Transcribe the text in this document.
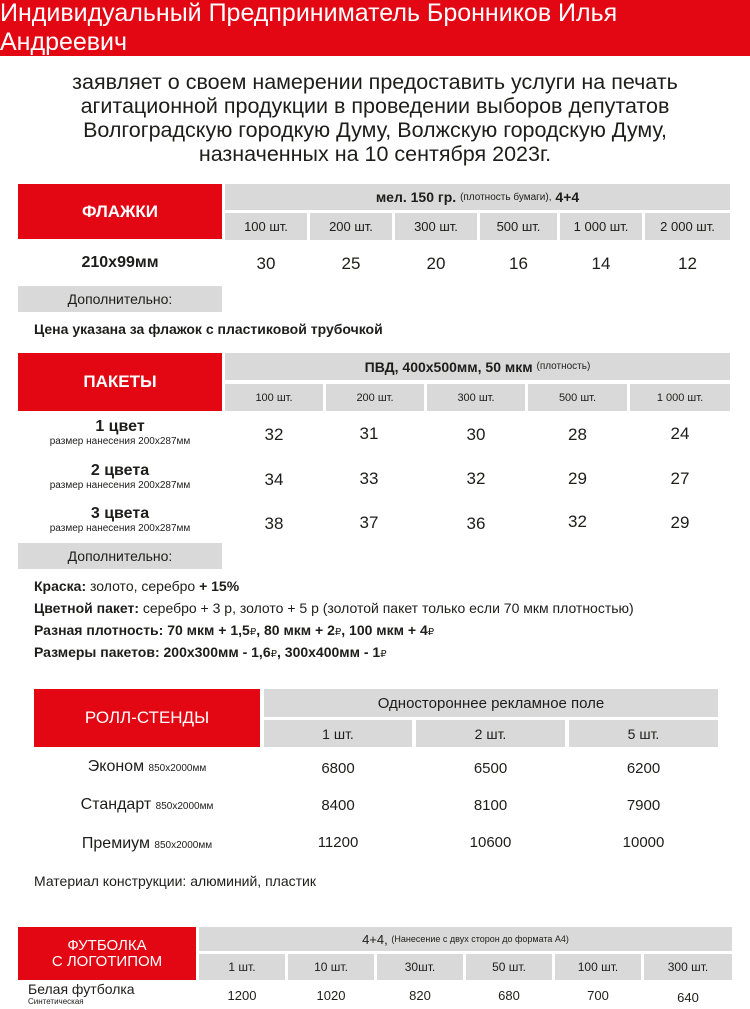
Индивидуальный Предприниматель Бронников Илья Андреевич
заявляет о своем намерении предоставить услуги на печать
агитационной продукции в проведении выборов депутатов
Волгоградскую городкую Думу, Волжскую городскую Думу,
назначенных на 10 сентября 2023г.
ФЛАЖКИ
мел. 150 гр.
(плотность бумаги),
4+4
100 шт.	200 шт.	300 шт.	500 шт.	1 000 шт. 2 000 шт.
210х99мм	30	25	20	16	14	12
Дополнительно:
Цена указана за флажок с пластиковой трубочкой
ПАКЕТЫ
ПВД, 400х500мм, 50 мкм
(плотность)
100 шт.	200 шт.	300 шт.	500 шт.	1 000 шт.
1 цвет
размер нанесения 200х287мм	32	31	30	28	24
2 цвета
размер нанесения 200х287мм	34	33	32	29	27
3 цвета
размер нанесения 200х287мм	38	37	36	32	29
Дополнительно:
Краска: золото, серебро + 15%
Цветной пакет: серебро + 3 р, золото + 5 р (золотой пакет только если 70 мкм плотностью)
Разная плотность: 70 мкм + 1,5₽, 80 мкм + 2₽, 100 мкм + 4₽
Размеры пакетов: 200х300мм - 1,6₽, 300х400мм - 1₽
РОЛЛ-СТЕНДЫ
Одностороннее рекламное поле
1 шт.	2 шт.	5 шт.
Эконом 850х2000мм	6800	6500	6200
Стандарт 850х2000мм	8400	8100	7900
Премиум 850х2000мм	11200	10600	10000
Материал конструкции: алюминий, пластик
ФУТБОЛКА
С ЛОГОТИПОМ
4+4,
(Нанесение с двух сторон до формата А4)
1 шт.	10 шт.	30шт.	50 шт.	100 шт.	300 шт.
Белая футболка
Синтетическая	1200	1020	820	680	700	640
